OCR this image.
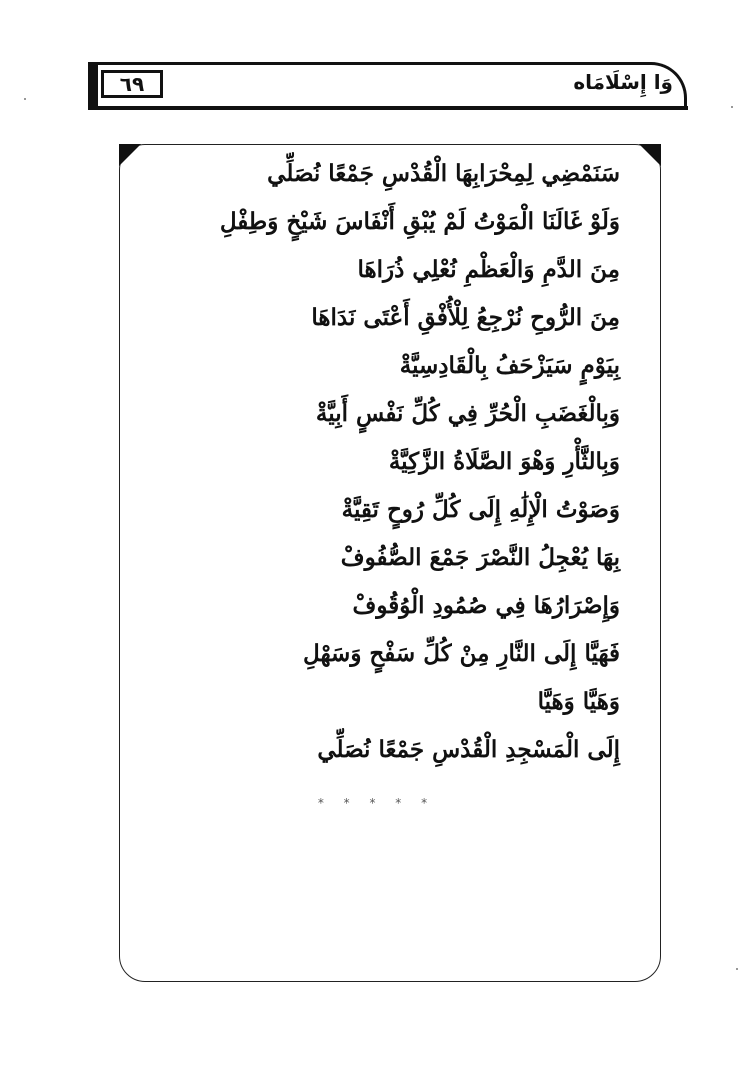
٦٩	وَا إِسْلَامَاه
سَنَمْضِي لِمِحْرَابِهَا الْقُدْسِ جَمْعًا نُصَلِّي
وَلَوْ غَالَنَا الْمَوْتُ لَمْ يُبْقِ أَنْفَاسَ شَيْخٍ وَطِفْلِ
مِنَ الدَّمِ وَالْعَظْمِ نُعْلِي ذُرَاهَا
مِنَ الرُّوحِ نُرْجِعُ لِلْأُفْقِ أَعْتَى نَدَاهَا
بِيَوْمٍ سَيَزْحَفُ بِالْقَادِسِيَّةْ
وَبِالْغَضَبِ الْحُرِّ فِي كُلِّ نَفْسٍ أَبِيَّةْ
وَبِالثَّأْرِ وَهْوَ الصَّلَاةُ الزَّكِيَّةْ
وَصَوْتُ الْإِلَٰهِ إِلَى كُلِّ رُوحٍ تَقِيَّةْ
بِهَا يُعْجِلُ النَّصْرَ جَمْعَ الصُّفُوفْ
وَإِصْرَارُهَا فِي صُمُودِ الْوُقُوفْ
فَهَيَّا إِلَى النَّارِ مِنْ كُلِّ سَفْحٍ وَسَهْلِ
وَهَيَّا وَهَيَّا
إِلَى الْمَسْجِدِ الْقُدْسِ جَمْعًا نُصَلِّي
* * * * *
